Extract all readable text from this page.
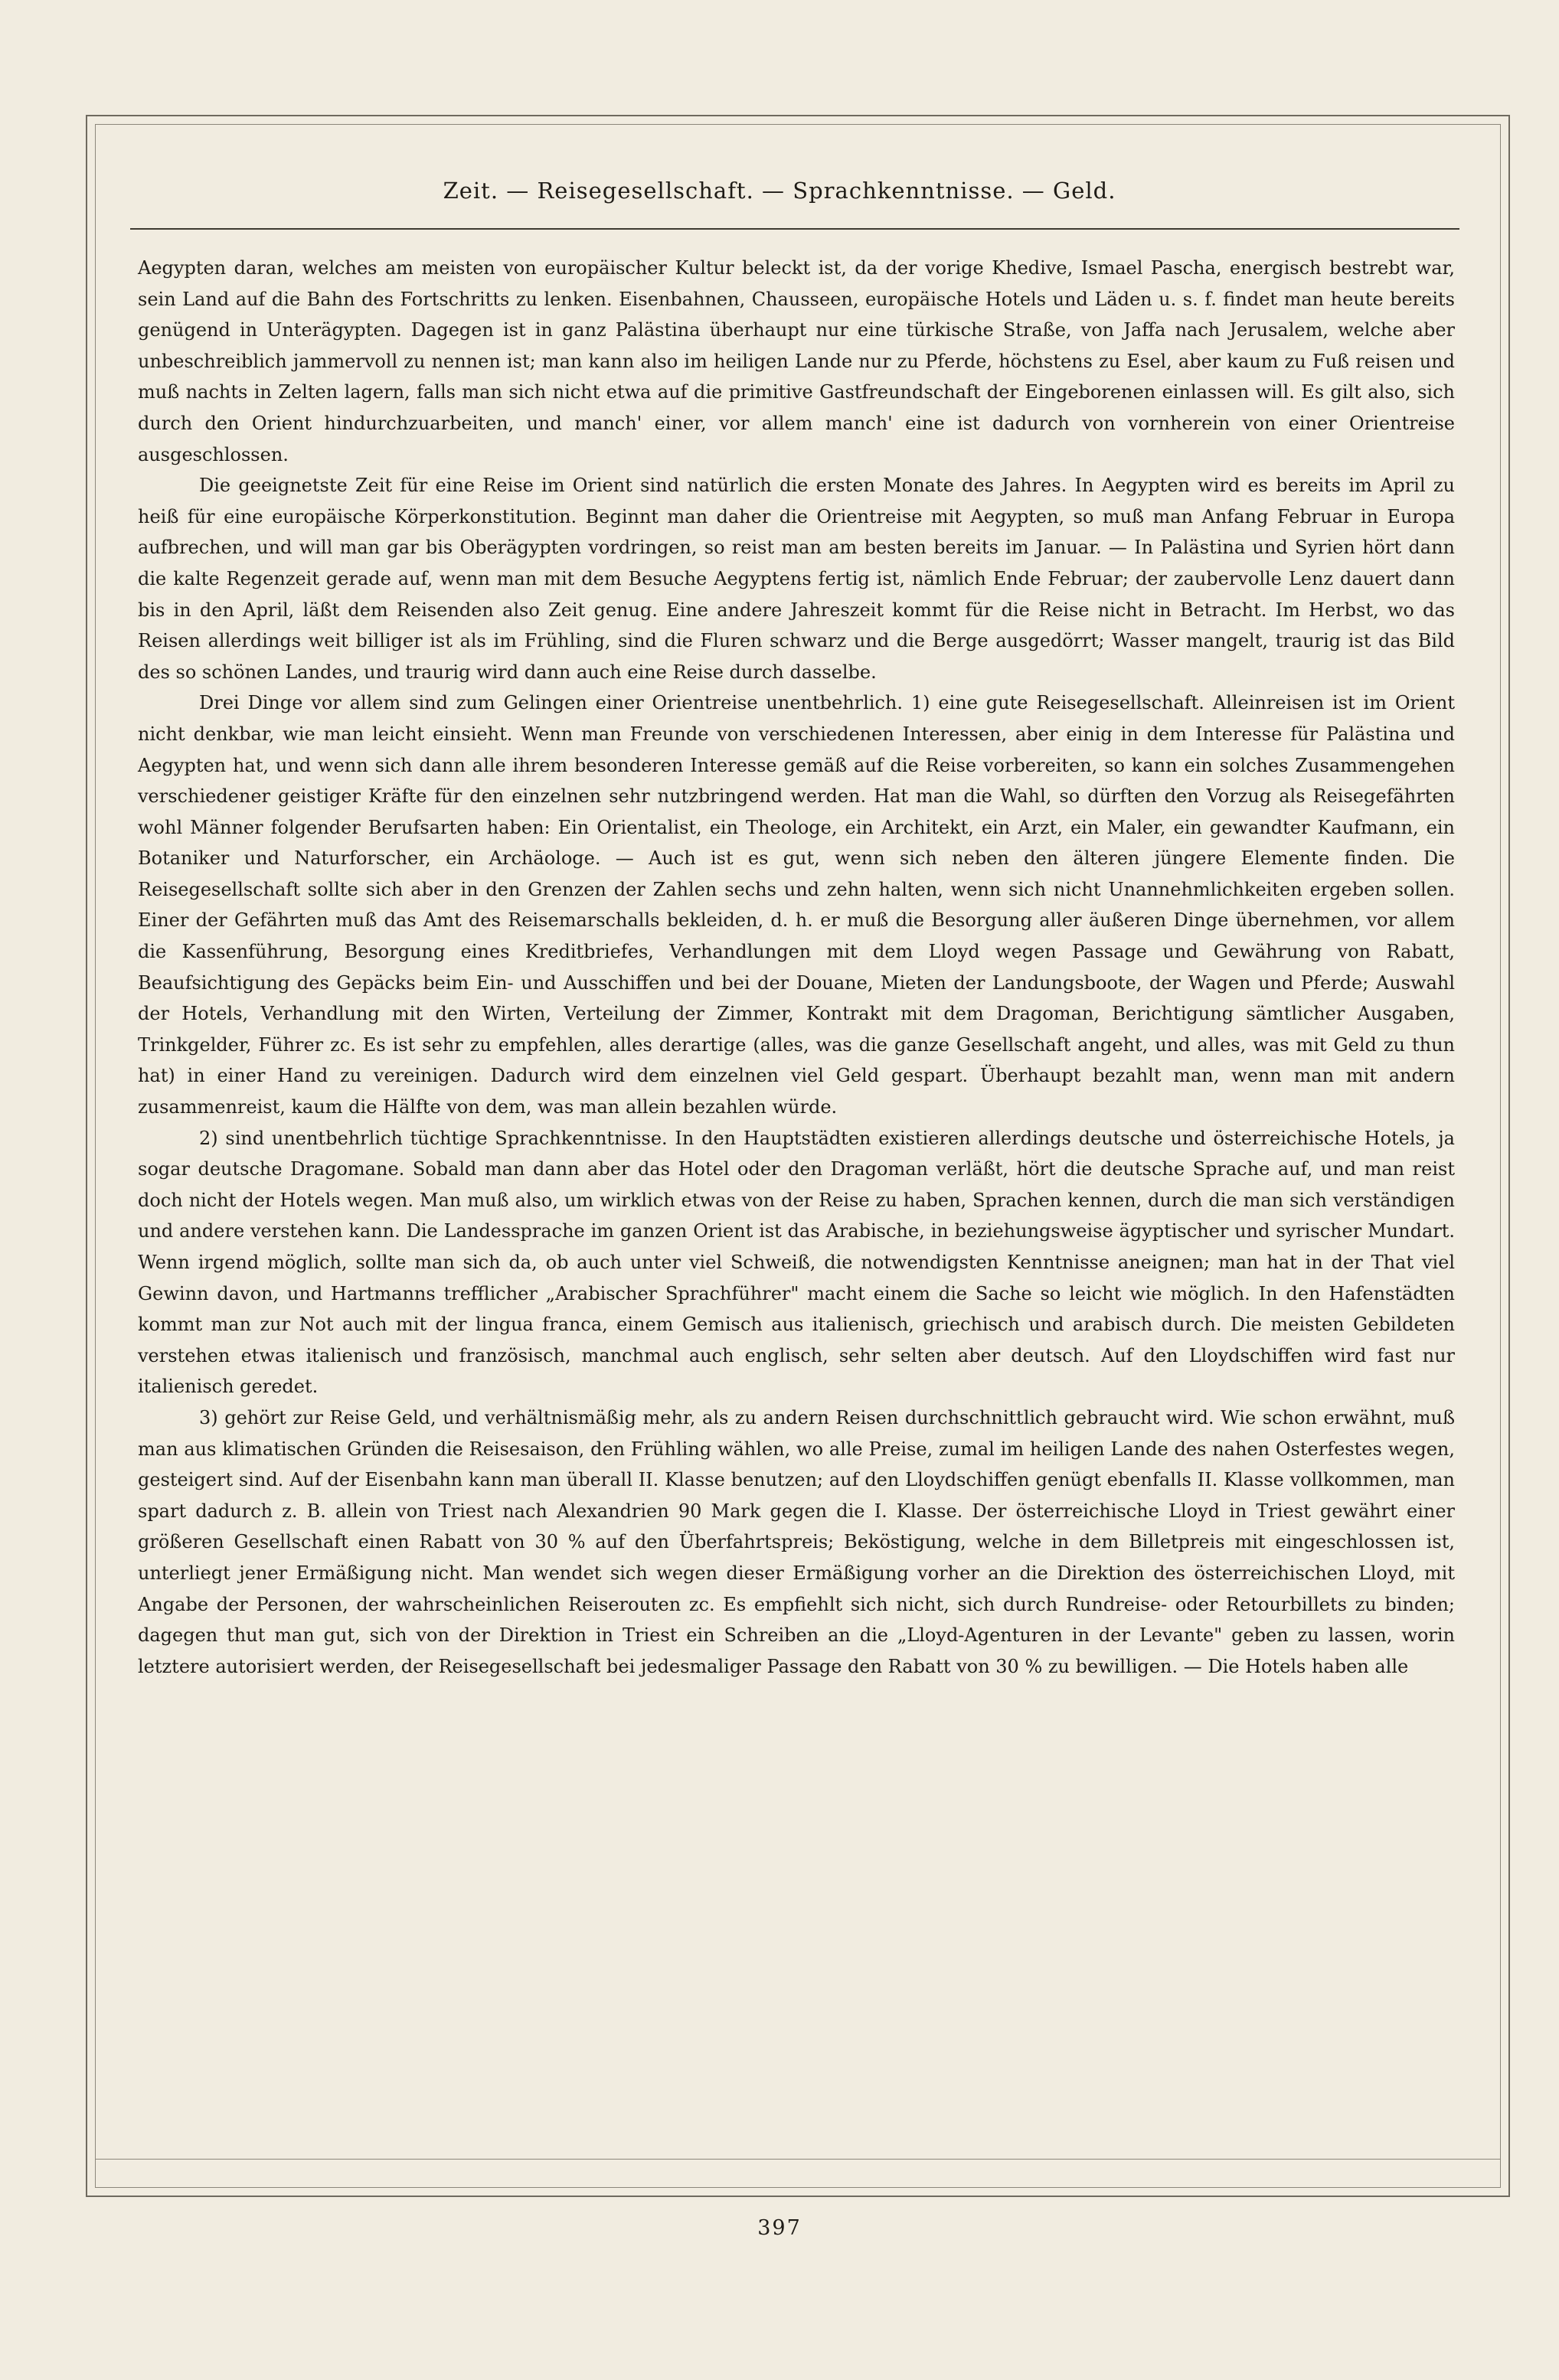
Zeit. — Reisegesellschaft. — Sprachkenntnisse. — Geld.

Aegypten daran, welches am meisten von europäischer Kultur beleckt ist, da der vorige Khedive, Ismael Pascha, energisch bestrebt war, sein Land auf die Bahn des Fortschritts zu lenken. Eisenbahnen, Chausseen, europäische Hotels und Läden u. s. f. findet man heute bereits genügend in Unterägypten. Dagegen ist in ganz Palästina überhaupt nur eine türkische Straße, von Jaffa nach Jerusalem, welche aber unbeschreiblich jammervoll zu nennen ist; man kann also im heiligen Lande nur zu Pferde, höchstens zu Esel, aber kaum zu Fuß reisen und muß nachts in Zelten lagern, falls man sich nicht etwa auf die primitive Gastfreundschaft der Eingeborenen einlassen will. Es gilt also, sich durch den Orient hindurchzuarbeiten, und manch' einer, vor allem manch' eine ist dadurch von vornherein von einer Orientreise ausgeschlossen.

Die geeignetste Zeit für eine Reise im Orient sind natürlich die ersten Monate des Jahres. In Aegypten wird es bereits im April zu heiß für eine europäische Körperkonstitution. Beginnt man daher die Orientreise mit Aegypten, so muß man Anfang Februar in Europa aufbrechen, und will man gar bis Oberägypten vordringen, so reist man am besten bereits im Januar. — In Palästina und Syrien hört dann die kalte Regenzeit gerade auf, wenn man mit dem Besuche Aegyptens fertig ist, nämlich Ende Februar; der zaubervolle Lenz dauert dann bis in den April, läßt dem Reisenden also Zeit genug. Eine andere Jahreszeit kommt für die Reise nicht in Betracht. Im Herbst, wo das Reisen allerdings weit billiger ist als im Frühling, sind die Fluren schwarz und die Berge ausgedörrt; Wasser mangelt, traurig ist das Bild des so schönen Landes, und traurig wird dann auch eine Reise durch dasselbe.

Drei Dinge vor allem sind zum Gelingen einer Orientreise unentbehrlich. 1) eine gute Reisegesellschaft. Alleinreisen ist im Orient nicht denkbar, wie man leicht einsieht. Wenn man Freunde von verschiedenen Interessen, aber einig in dem Interesse für Palästina und Aegypten hat, und wenn sich dann alle ihrem besonderen Interesse gemäß auf die Reise vorbereiten, so kann ein solches Zusammengehen verschiedener geistiger Kräfte für den einzelnen sehr nutzbringend werden. Hat man die Wahl, so dürften den Vorzug als Reisegefährten wohl Männer folgender Berufsarten haben: Ein Orientalist, ein Theologe, ein Architekt, ein Arzt, ein Maler, ein gewandter Kaufmann, ein Botaniker und Naturforscher, ein Archäologe. — Auch ist es gut, wenn sich neben den älteren jüngere Elemente finden. Die Reisegesellschaft sollte sich aber in den Grenzen der Zahlen sechs und zehn halten, wenn sich nicht Unannehmlichkeiten ergeben sollen. Einer der Gefährten muß das Amt des Reisemarschalls bekleiden, d. h. er muß die Besorgung aller äußeren Dinge übernehmen, vor allem die Kassenführung, Besorgung eines Kreditbriefes, Verhandlungen mit dem Lloyd wegen Passage und Gewährung von Rabatt, Beaufsichtigung des Gepäcks beim Ein- und Ausschiffen und bei der Douane, Mieten der Landungsboote, der Wagen und Pferde; Auswahl der Hotels, Verhandlung mit den Wirten, Verteilung der Zimmer, Kontrakt mit dem Dragoman, Berichtigung sämtlicher Ausgaben, Trinkgelder, Führer zc. Es ist sehr zu empfehlen, alles derartige (alles, was die ganze Gesellschaft angeht, und alles, was mit Geld zu thun hat) in einer Hand zu vereinigen. Dadurch wird dem einzelnen viel Geld gespart. Überhaupt bezahlt man, wenn man mit andern zusammenreist, kaum die Hälfte von dem, was man allein bezahlen würde.

2) sind unentbehrlich tüchtige Sprachkenntnisse. In den Hauptstädten existieren allerdings deutsche und österreichische Hotels, ja sogar deutsche Dragomane. Sobald man dann aber das Hotel oder den Dragoman verläßt, hört die deutsche Sprache auf, und man reist doch nicht der Hotels wegen. Man muß also, um wirklich etwas von der Reise zu haben, Sprachen kennen, durch die man sich verständigen und andere verstehen kann. Die Landessprache im ganzen Orient ist das Arabische, in beziehungsweise ägyptischer und syrischer Mundart. Wenn irgend möglich, sollte man sich da, ob auch unter viel Schweiß, die notwendigsten Kenntnisse aneignen; man hat in der That viel Gewinn davon, und Hartmanns trefflicher „Arabischer Sprachführer" macht einem die Sache so leicht wie möglich. In den Hafenstädten kommt man zur Not auch mit der lingua franca, einem Gemisch aus italienisch, griechisch und arabisch durch. Die meisten Gebildeten verstehen etwas italienisch und französisch, manchmal auch englisch, sehr selten aber deutsch. Auf den Lloydschiffen wird fast nur italienisch geredet.

3) gehört zur Reise Geld, und verhältnismäßig mehr, als zu andern Reisen durchschnittlich gebraucht wird. Wie schon erwähnt, muß man aus klimatischen Gründen die Reisesaison, den Frühling wählen, wo alle Preise, zumal im heiligen Lande des nahen Osterfestes wegen, gesteigert sind. Auf der Eisenbahn kann man überall II. Klasse benutzen; auf den Lloydschiffen genügt ebenfalls II. Klasse vollkommen, man spart dadurch z. B. allein von Triest nach Alexandrien 90 Mark gegen die I. Klasse. Der österreichische Lloyd in Triest gewährt einer größeren Gesellschaft einen Rabatt von 30 % auf den Überfahrtspreis; Beköstigung, welche in dem Billetpreis mit eingeschlossen ist, unterliegt jener Ermäßigung nicht. Man wendet sich wegen dieser Ermäßigung vorher an die Direktion des österreichischen Lloyd, mit Angabe der Personen, der wahrscheinlichen Reiserouten zc. Es empfiehlt sich nicht, sich durch Rundreise- oder Retourbillets zu binden; dagegen thut man gut, sich von der Direktion in Triest ein Schreiben an die „Lloyd-Agenturen in der Levante" geben zu lassen, worin letztere autorisiert werden, der Reisegesellschaft bei jedesmaliger Passage den Rabatt von 30 % zu bewilligen. — Die Hotels haben alle

397
